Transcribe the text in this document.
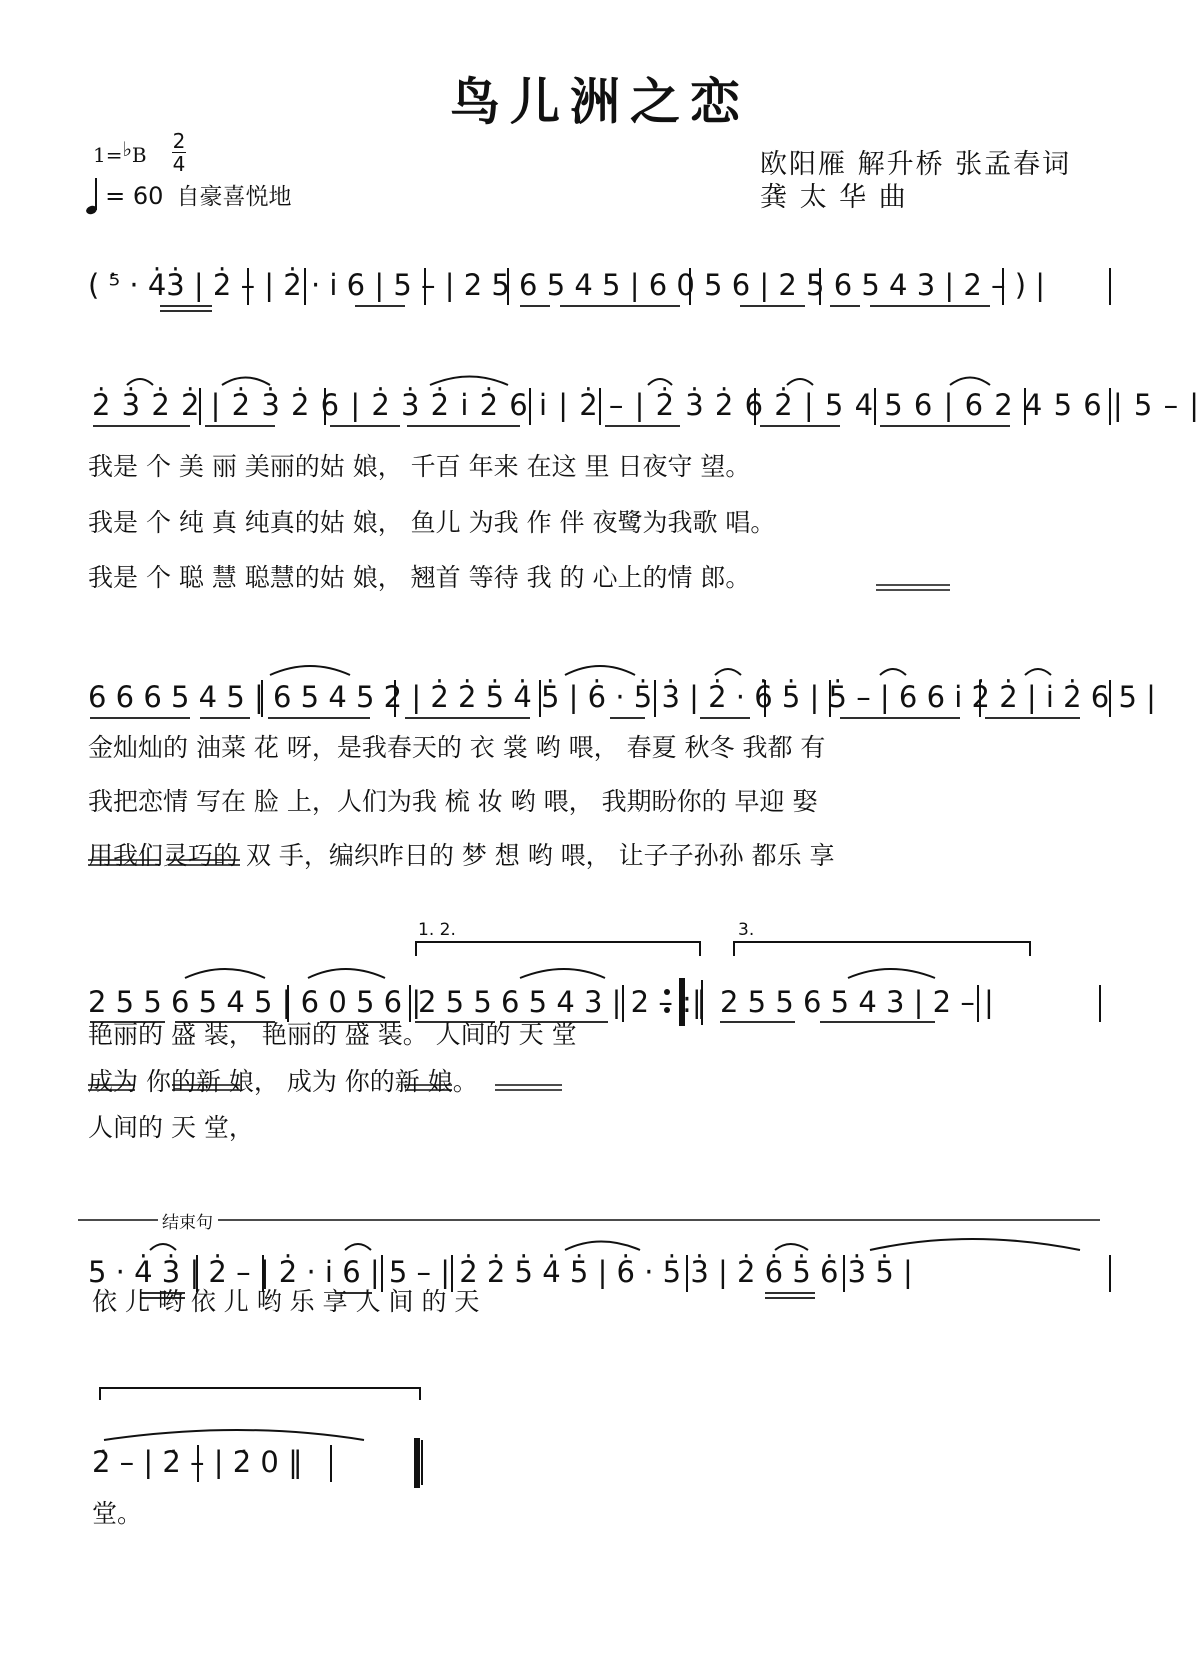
鸟儿洲之恋
1=♭B
2
4
= 60 自豪喜悦地
欧阳雁 解升桥 张孟春词
龚 太 华 曲
( ⁵̇ · 4̇3̇ | 2̇ – | 2̇ · i̇ 6 | 5 – | 2 5 6 5 4 5 | 6 0 5 6 | 2 5 6 5 4 3 | 2 – ) |
2̇ 3̇ 2̇ 2̇ | 2̇ 3̇ 2̇ 6 | 2̇ 3̇ 2̇ i̇ 2̇ 6 i̇ | 2̇ – | 2̇ 3̇ 2̇ 6 2̇ | 5 4 5 6 | 6 2 4 5 6 | 5 – |
6 6 6 5 4 5 | 6 5 4 5 2 | 2̇ 2̇ 5̇ 4̇ 5̇ | 6̇ · 5̇ 3̇ | 2̇ · 6̇ 5̇ | 5̇ – | 6 6 i̇ 2̇ 2̇ | i̇ 2̇ 6 5 |
2 5 5 6 5 4 5 | 6 0 5 6 |
2 5 5 6 5 4 3 | 2 – :‖ 2 5 5 6 5 4 3 | 2 – |
5 · 4̇ 3̇ | 2̇ – | 2̇ · i̇ 6 | 5 – | 2̇ 2̇ 5̇ 4̇ 5̇ | 6̇ · 5̇ 3̇ | 2̇ 6̇ 5̇ 6̇ 3̇ 5̇ |
2̇ – | 2̇ – | 2̇ 0 ‖
1. 2.	3.
结束句
我是 个 美 丽 美丽的姑 娘， 千百 年来 在这 里 日夜守 望。
我是 个 纯 真 纯真的姑 娘， 鱼儿 为我 作 伴 夜鹭为我歌 唱。
我是 个 聪 慧 聪慧的姑 娘， 翘首 等待 我 的 心上的情 郎。
金灿灿的 油菜 花 呀，是我春天的 衣 裳 哟 喂， 春夏 秋冬 我都 有
我把恋情 写在 脸 上，人们为我 梳 妆 哟 喂， 我期盼你的 早迎 娶
用我们灵巧的 双 手，编织昨日的 梦 想 哟 喂， 让子子孙孙 都乐 享
艳丽的 盛 装， 艳丽的 盛 装。 人间的 天 堂
成为 你的新 娘， 成为 你的新 娘。
人间的 天 堂，
依 儿 哟 依 儿 哟 乐 享 人 间 的 天
堂。
